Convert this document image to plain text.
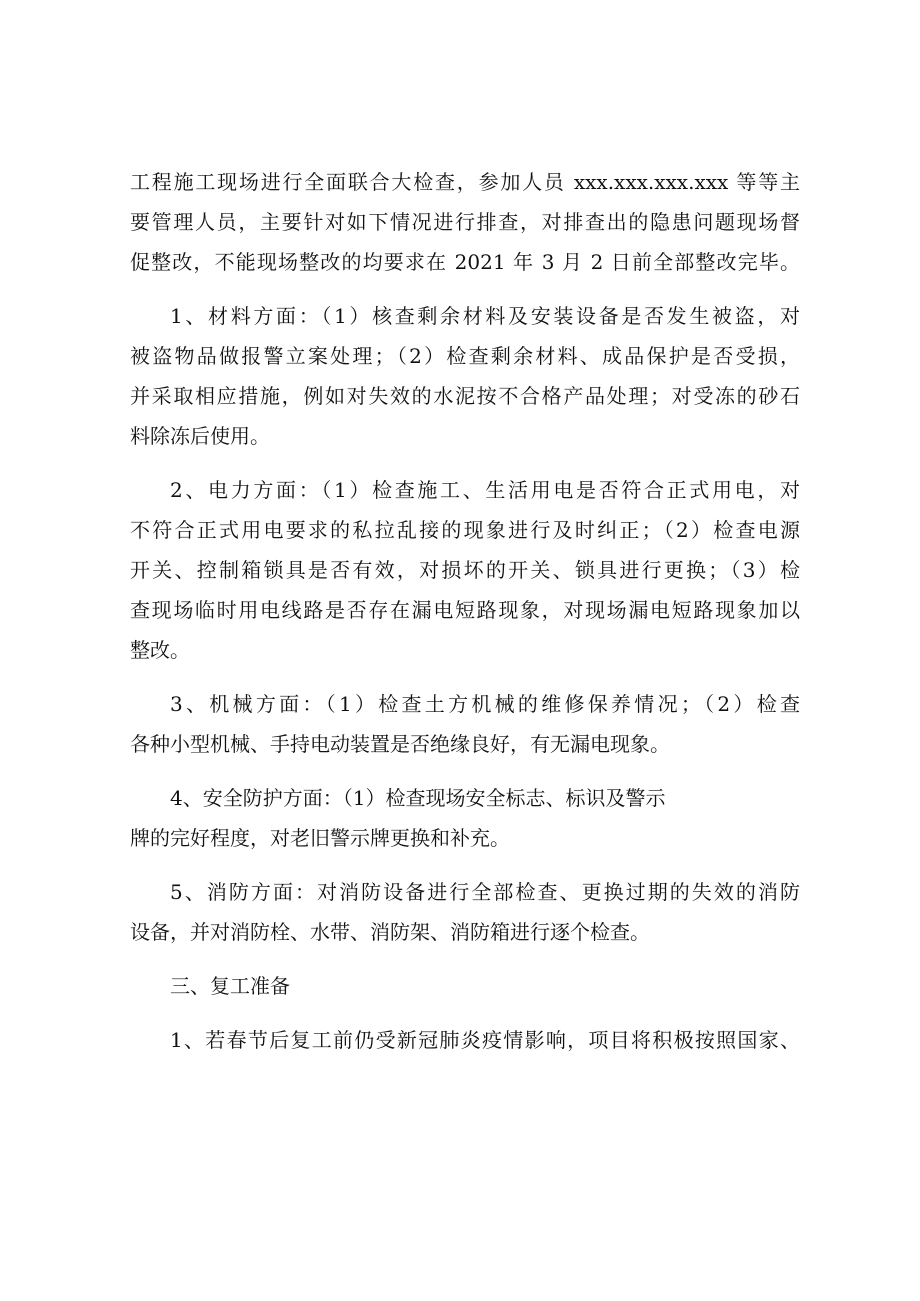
工程施工现场进行全面联合大检查，参加人员 xxx.xxx.xxx.xxx 等等主
要管理人员，主要针对如下情况进行排查，对排查出的隐患问题现场督
促整改，不能现场整改的均要求在 2021 年 3 月 2 日前全部整改完毕。
1、材料方面：（1）核查剩余材料及安装设备是否发生被盗，对
被盗物品做报警立案处理；（2）检查剩余材料、成品保护是否受损，
并采取相应措施，例如对失效的水泥按不合格产品处理；对受冻的砂石
料除冻后使用。
2、电力方面：（1）检查施工、生活用电是否符合正式用电，对
不符合正式用电要求的私拉乱接的现象进行及时纠正；（2）检查电源
开关、控制箱锁具是否有效，对损坏的开关、锁具进行更换；（3）检
查现场临时用电线路是否存在漏电短路现象，对现场漏电短路现象加以
整改。
3、机械方面：（1）检查土方机械的维修保养情况；（2）检查
各种小型机械、手持电动装置是否绝缘良好，有无漏电现象。
4、安全防护方面：（1）检查现场安全标志、标识及警示
牌的完好程度，对老旧警示牌更换和补充。
5、消防方面：对消防设备进行全部检查、更换过期的失效的消防
设备，并对消防栓、水带、消防架、消防箱进行逐个检查。
三、复工准备
1、若春节后复工前仍受新冠肺炎疫情影响，项目将积极按照国家、
